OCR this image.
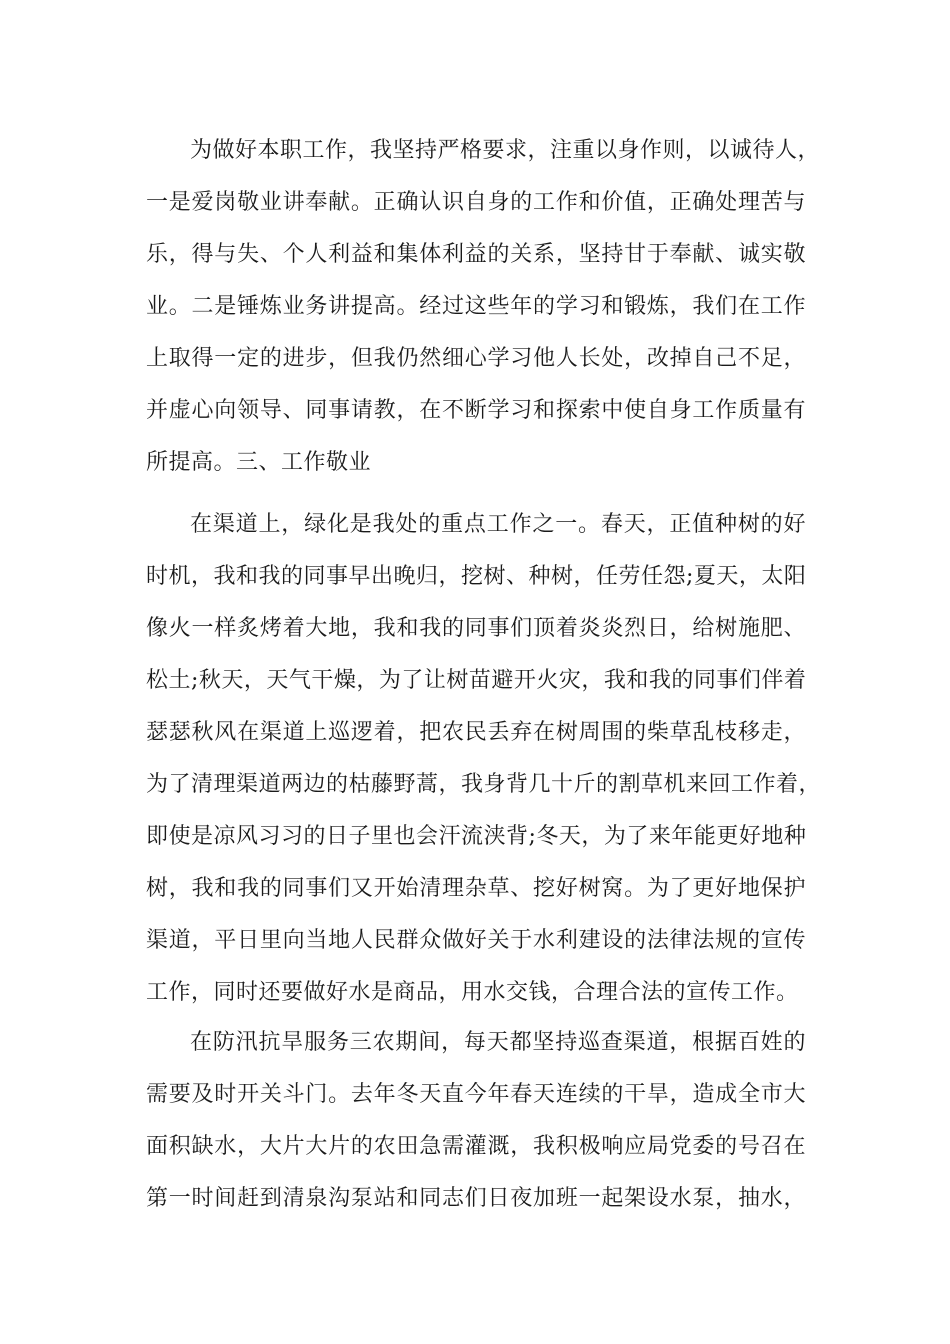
为做好本职工作，我坚持严格要求，注重以身作则，以诚待人，
一是爱岗敬业讲奉献。正确认识自身的工作和价值，正确处理苦与
乐，得与失、个人利益和集体利益的关系，坚持甘于奉献、诚实敬
业。二是锤炼业务讲提高。经过这些年的学习和锻炼，我们在工作
上取得一定的进步，但我仍然细心学习他人长处，改掉自己不足，
并虚心向领导、同事请教，在不断学习和探索中使自身工作质量有
所提高。三、工作敬业
在渠道上，绿化是我处的重点工作之一。春天，正值种树的好
时机，我和我的同事早出晚归，挖树、种树，任劳任怨;夏天，太阳
像火一样炙烤着大地，我和我的同事们顶着炎炎烈日，给树施肥、
松土;秋天，天气干燥，为了让树苗避开火灾，我和我的同事们伴着
瑟瑟秋风在渠道上巡逻着，把农民丢弃在树周围的柴草乱枝移走，
为了清理渠道两边的枯藤野蒿，我身背几十斤的割草机来回工作着，
即使是凉风习习的日子里也会汗流浃背;冬天，为了来年能更好地种
树，我和我的同事们又开始清理杂草、挖好树窝。为了更好地保护
渠道，平日里向当地人民群众做好关于水利建设的法律法规的宣传
工作，同时还要做好水是商品，用水交钱，合理合法的宣传工作。
在防汛抗旱服务三农期间，每天都坚持巡查渠道，根据百姓的
需要及时开关斗门。去年冬天直今年春天连续的干旱，造成全市大
面积缺水，大片大片的农田急需灌溉，我积极响应局党委的号召在
第一时间赶到清泉沟泵站和同志们日夜加班一起架设水泵，抽水，
